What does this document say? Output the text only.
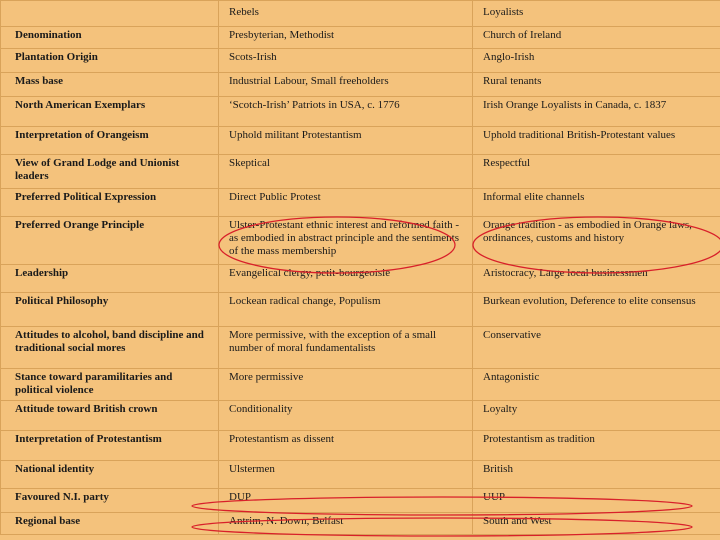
	Rebels	Loyalists
Denomination	Presbyterian, Methodist	Church of Ireland
Plantation Origin	Scots-Irish	Anglo-Irish
Mass base	Industrial Labour, Small freeholders	Rural tenants
North American Exemplars	‘Scotch-Irish’ Patriots in USA, c. 1776	Irish Orange Loyalists in Canada, c. 1837
Interpretation of Orangeism	Uphold militant Protestantism	Uphold traditional British-Protestant values
View of Grand Lodge and Unionist leaders	Skeptical	Respectful
Preferred Political Expression	Direct Public Protest	Informal elite channels
Preferred Orange Principle	Ulster-Protestant ethnic interest and reformed faith - as embodied in abstract principle and the sentiments of the mass membership	Orange tradition - as embodied in Orange laws, ordinances, customs and history
Leadership	Evangelical clergy, petit-bourgeoisie	Aristocracy, Large local businessmen
Political Philosophy	Lockean radical change, Populism	Burkean evolution, Deference to elite consensus
Attitudes to alcohol, band discipline and traditional social mores	More permissive, with the exception of a small number of moral fundamentalists	Conservative
Stance toward paramilitaries and political violence	More permissive	Antagonistic
Attitude toward British crown	Conditionality	Loyalty
Interpretation of Protestantism	Protestantism as dissent	Protestantism as tradition
National identity	Ulstermen	British
Favoured N.I. party	DUP	UUP
Regional base	Antrim, N. Down, Belfast	South and West
